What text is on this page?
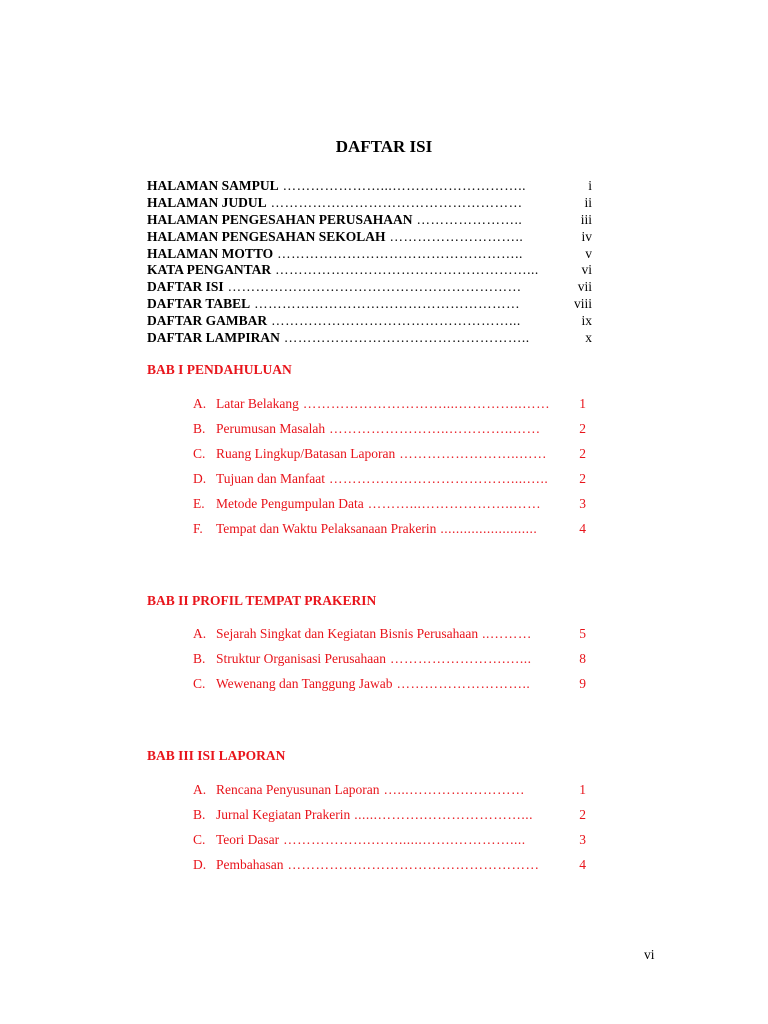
DAFTAR ISI
HALAMAN SAMPUL …………………...………………………..	i
HALAMAN JUDUL ………………………………………………	ii
HALAMAN PENGESAHAN PERUSAHAAN …………………..	iii
HALAMAN PENGESAHAN SEKOLAH ………………………..	iv
HALAMAN MOTTO ……………………………………………..	v
KATA PENGANTAR ………………………………………………...	vi
DAFTAR ISI ………………………………………………………	vii
DAFTAR TABEL …………………………………………………	viii
DAFTAR GAMBAR ……………………………………………...	ix
DAFTAR LAMPIRAN ……………………………………………..	x
BAB I PENDAHULUAN
A. Latar Belakang …………………………....…………..……	1
B. Perumusan Masalah ……………………..…………..……	2
C. Ruang Lingkup/Batasan Laporan ……………………..……	2
D. Tujuan dan Manfaat …………………………………....…..	2
E. Metode Pengumpulan Data ………...………………..……	3
F. Tempat dan Waktu Pelaksanaan Prakerin .........................	4
BAB II PROFIL TEMPAT PRAKERIN
A. Sejarah Singkat dan Kegiatan Bisnis Perusahaan ..………	5
B. Struktur Organisasi Perusahaan …………………….…...	8
C. Wewenang dan Tanggung Jawab ………………………..	9
BAB III ISI LAPORAN
A. Rencana Penyusunan Laporan …...………….…………	1
B. Jurnal Kegiatan Prakerin ......……….…………………...	2
C. Teori Dasar ……………….……......…….…………....	3
D. Pembahasan ………………………………………………	4
vi
